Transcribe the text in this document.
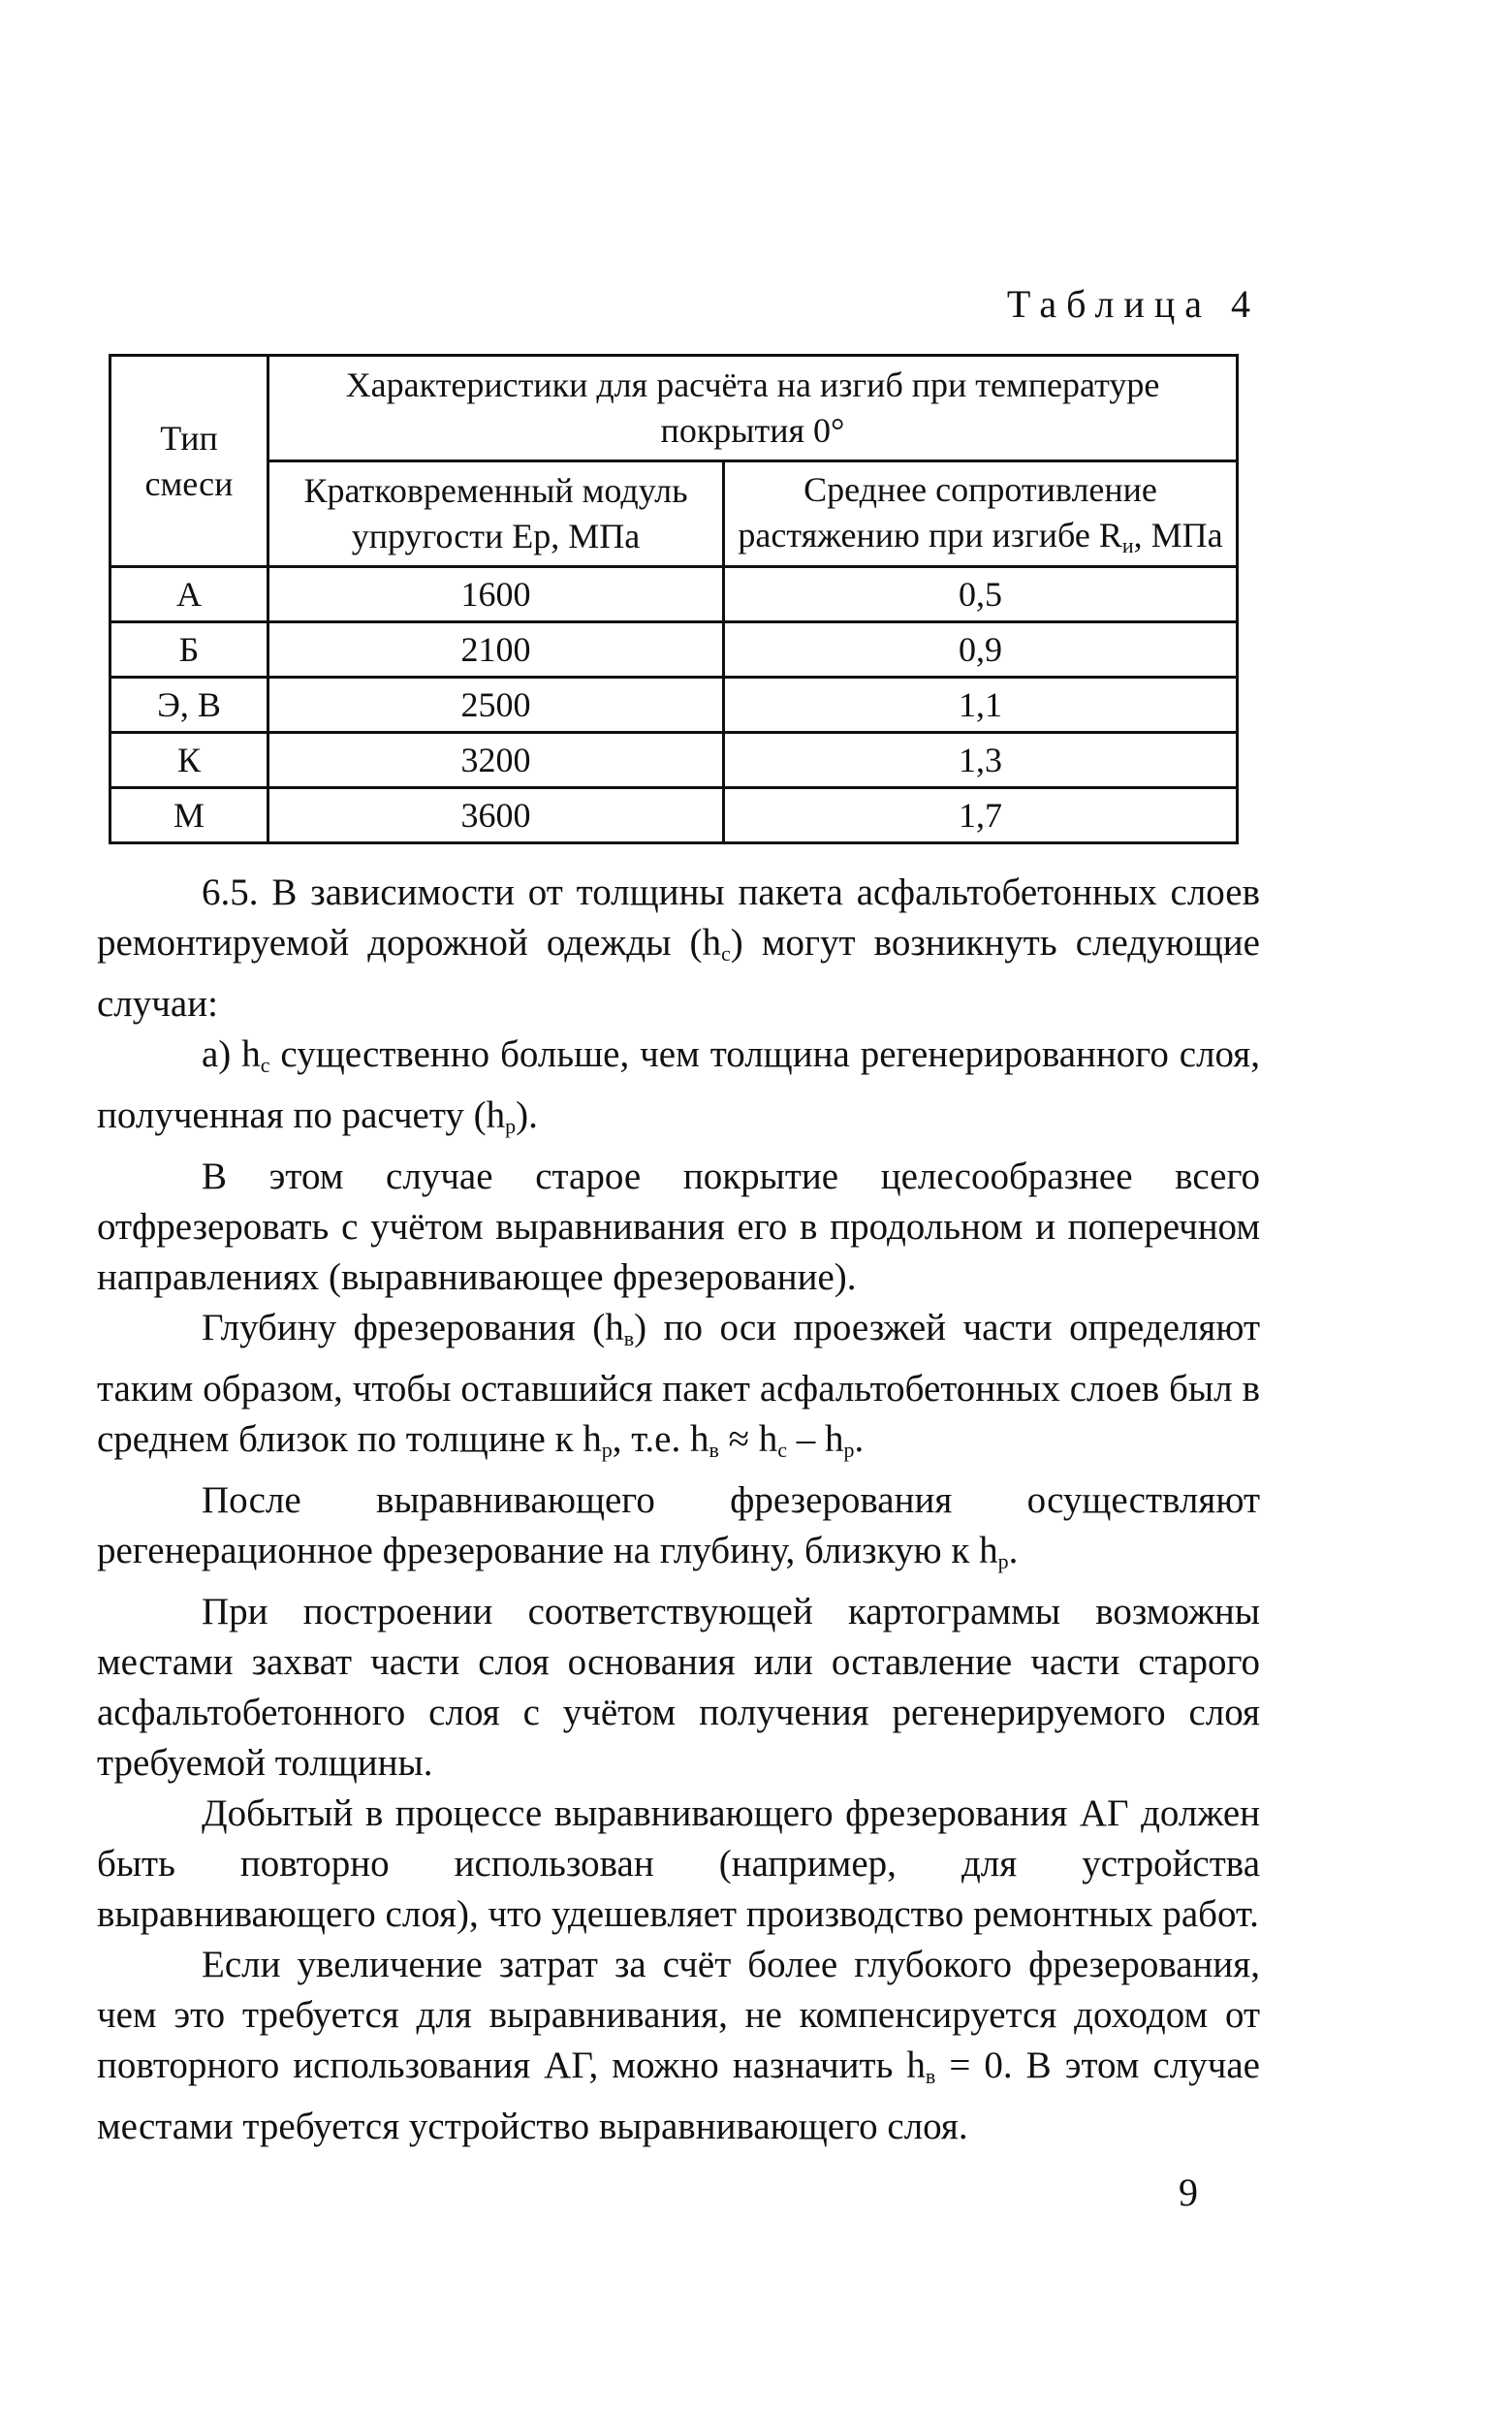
Таблица 4
Тип смеси	Характеристики для расчёта на изгиб при температуре покрытия 0°	
	Кратковременный модуль упругости Ер, МПа	Среднее сопротивление растяжению при изгибе $R_и$, МПа
А	1600	0,5
Б	2100	0,9
Э, В	2500	1,1
К	3200	1,3
М	3600	1,7

6.5. В зависимости от толщины пакета асфальтобетонных слоев ремонтируемой дорожной одежды $(h_c)$ могут возникнуть следующие случаи:

а) $h_c$ существенно больше, чем толщина регенерированного слоя, полученная по расчету $(h_p)$.

В этом случае старое покрытие целесообразнее всего отфрезеровать с учётом выравнивания его в продольном и поперечном направлениях (выравнивающее фрезерование).

Глубину фрезерования $(h_в)$ по оси проезжей части определяют таким образом, чтобы оставшийся пакет асфальтобетонных слоев был в среднем близок по толщине к $h_p$, т.е. $h_в \approx h_c - h_p$.

После выравнивающего фрезерования осуществляют регенерационное фрезерование на глубину, близкую к $h_p$.

При построении соответствующей картограммы возможны местами захват части слоя основания или оставление части старого асфальтобетонного слоя с учётом получения регенерируемого слоя требуемой толщины.

Добытый в процессе выравнивающего фрезерования АГ должен быть повторно использован (например, для устройства выравнивающего слоя), что удешевляет производство ремонтных работ.

Если увеличение затрат за счёт более глубокого фрезерования, чем это требуется для выравнивания, не компенсируется доходом от повторного использования АГ, можно назначить $h_в = 0$. В этом случае местами требуется устройство выравнивающего слоя.

9
